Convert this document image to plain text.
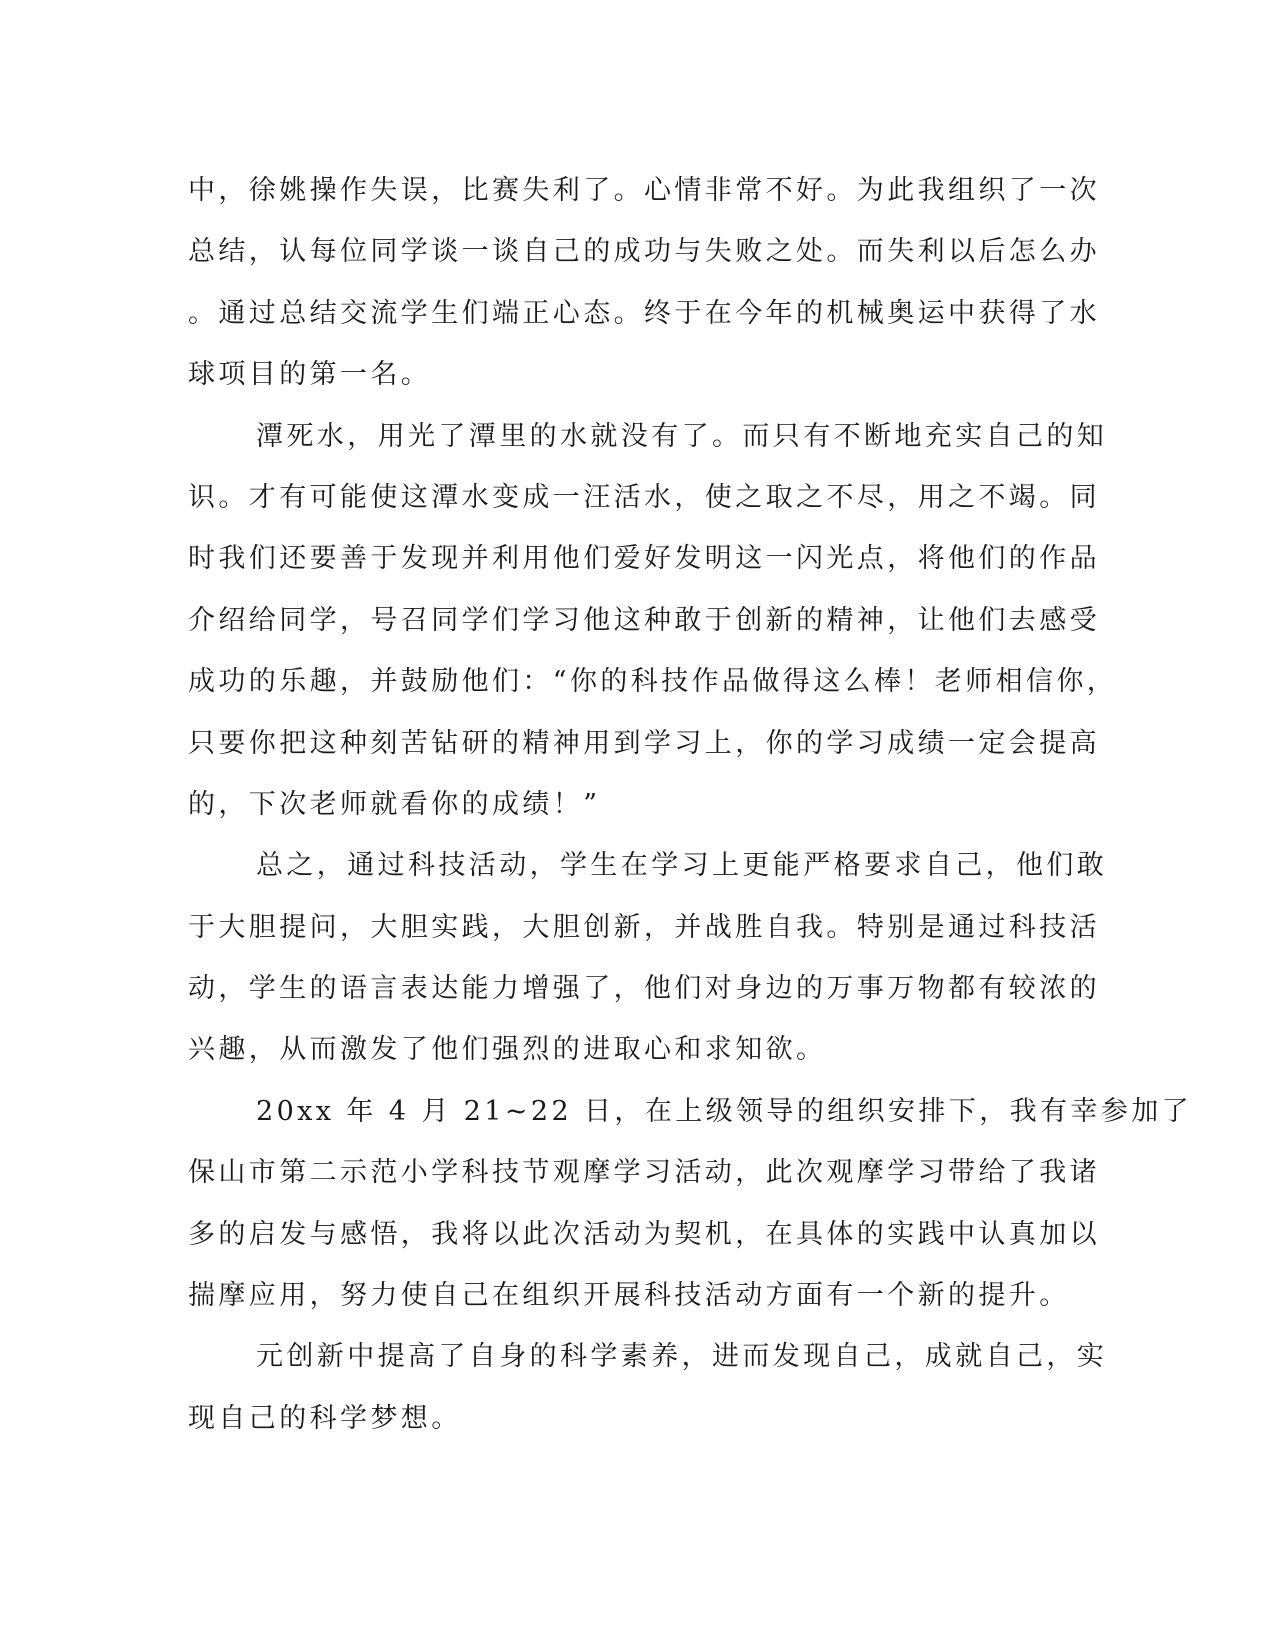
中，徐姚操作失误，比赛失利了。心情非常不好。为此我组织了一次
总结，认每位同学谈一谈自己的成功与失败之处。而失利以后怎么办
。通过总结交流学生们端正心态。终于在今年的机械奥运中获得了水
球项目的第一名。
潭死水，用光了潭里的水就没有了。而只有不断地充实自己的知
识。才有可能使这潭水变成一汪活水，使之取之不尽，用之不竭。同
时我们还要善于发现并利用他们爱好发明这一闪光点，将他们的作品
介绍给同学，号召同学们学习他这种敢于创新的精神，让他们去感受
成功的乐趣，并鼓励他们：“你的科技作品做得这么棒！老师相信你，
只要你把这种刻苦钻研的精神用到学习上，你的学习成绩一定会提高
的，下次老师就看你的成绩！”
总之，通过科技活动，学生在学习上更能严格要求自己，他们敢
于大胆提问，大胆实践，大胆创新，并战胜自我。特别是通过科技活
动，学生的语言表达能力增强了，他们对身边的万事万物都有较浓的
兴趣，从而激发了他们强烈的进取心和求知欲。
20xx 年 4 月 21~22 日，在上级领导的组织安排下，我有幸参加了
保山市第二示范小学科技节观摩学习活动，此次观摩学习带给了我诸
多的启发与感悟，我将以此次活动为契机，在具体的实践中认真加以
揣摩应用，努力使自己在组织开展科技活动方面有一个新的提升。
元创新中提高了自身的科学素养，进而发现自己，成就自己，实
现自己的科学梦想。
